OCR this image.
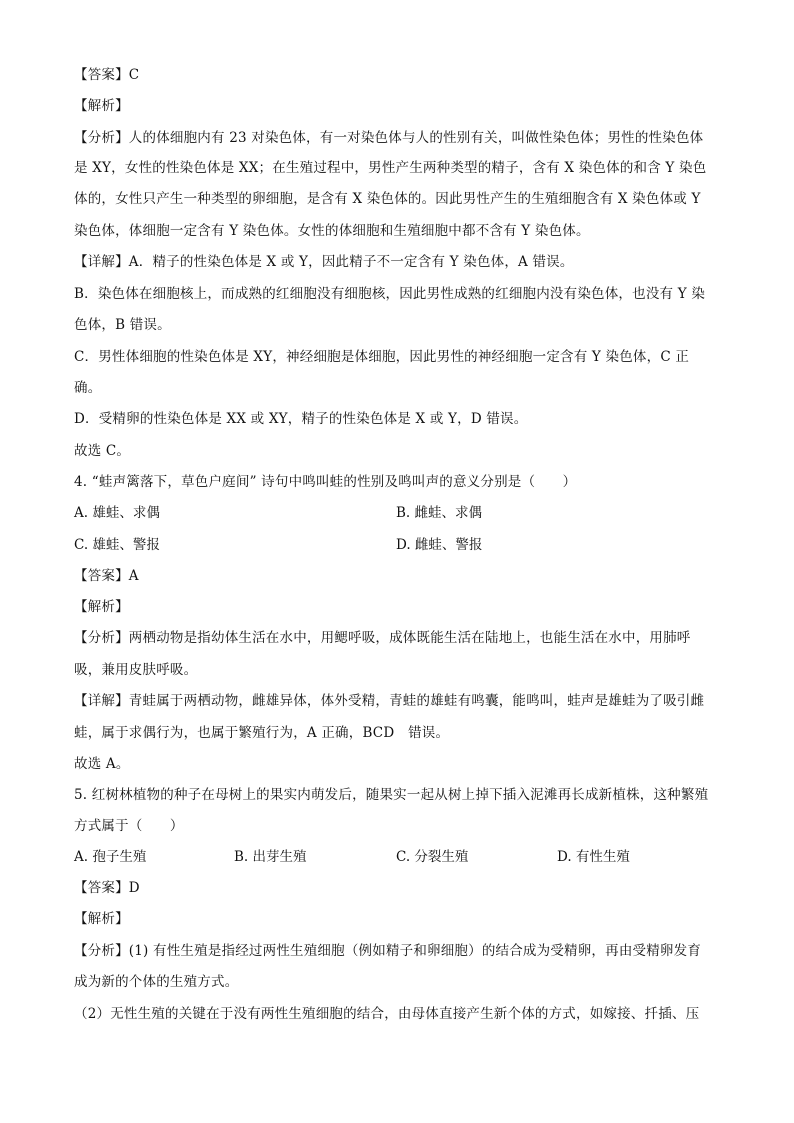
【答案】C
【解析】
【分析】人的体细胞内有 23 对染色体，有一对染色体与人的性别有关，叫做性染色体；男性的性染色体
是 XY，女性的性染色体是 XX；在生殖过程中，男性产生两种类型的精子，含有 X 染色体的和含 Y 染色
体的，女性只产生一种类型的卵细胞，是含有 X 染色体的。因此男性产生的生殖细胞含有 X 染色体或 Y
染色体，体细胞一定含有 Y 染色体。女性的体细胞和生殖细胞中都不含有 Y 染色体。
【详解】A．精子的性染色体是 X 或 Y，因此精子不一定含有 Y 染色体，A 错误。
B．染色体在细胞核上，而成熟的红细胞没有细胞核，因此男性成熟的红细胞内没有染色体，也没有 Y 染
色体，B 错误。
C．男性体细胞的性染色体是 XY，神经细胞是体细胞，因此男性的神经细胞一定含有 Y 染色体，C 正
确。
D．受精卵的性染色体是 XX 或 XY，精子的性染色体是 X 或 Y，D 错误。
故选 C。
4. “蛙声篱落下，草色户庭间” 诗句中鸣叫蛙的性别及鸣叫声的意义分别是（　　）
A. 雄蛙、求偶	B. 雌蛙、求偶
C. 雄蛙、警报	D. 雌蛙、警报
【答案】A
【解析】
【分析】两栖动物是指幼体生活在水中，用鳃呼吸，成体既能生活在陆地上，也能生活在水中，用肺呼
吸，兼用皮肤呼吸。
【详解】青蛙属于两栖动物，雌雄异体，体外受精，青蛙的雄蛙有鸣囊，能鸣叫，蛙声是雄蛙为了吸引雌
蛙，属于求偶行为，也属于繁殖行为，A 正确，BCD　错误。
故选 A。
5. 红树林植物的种子在母树上的果实内萌发后，随果实一起从树上掉下插入泥滩再长成新植株，这种繁殖
方式属于（　　）
A. 孢子生殖	B. 出芽生殖	C. 分裂生殖	D. 有性生殖
【答案】D
【解析】
【分析】(1) 有性生殖是指经过两性生殖细胞（例如精子和卵细胞）的结合成为受精卵，再由受精卵发育
成为新的个体的生殖方式。
（2）无性生殖的关键在于没有两性生殖细胞的结合，由母体直接产生新个体的方式，如嫁接、扦插、压
